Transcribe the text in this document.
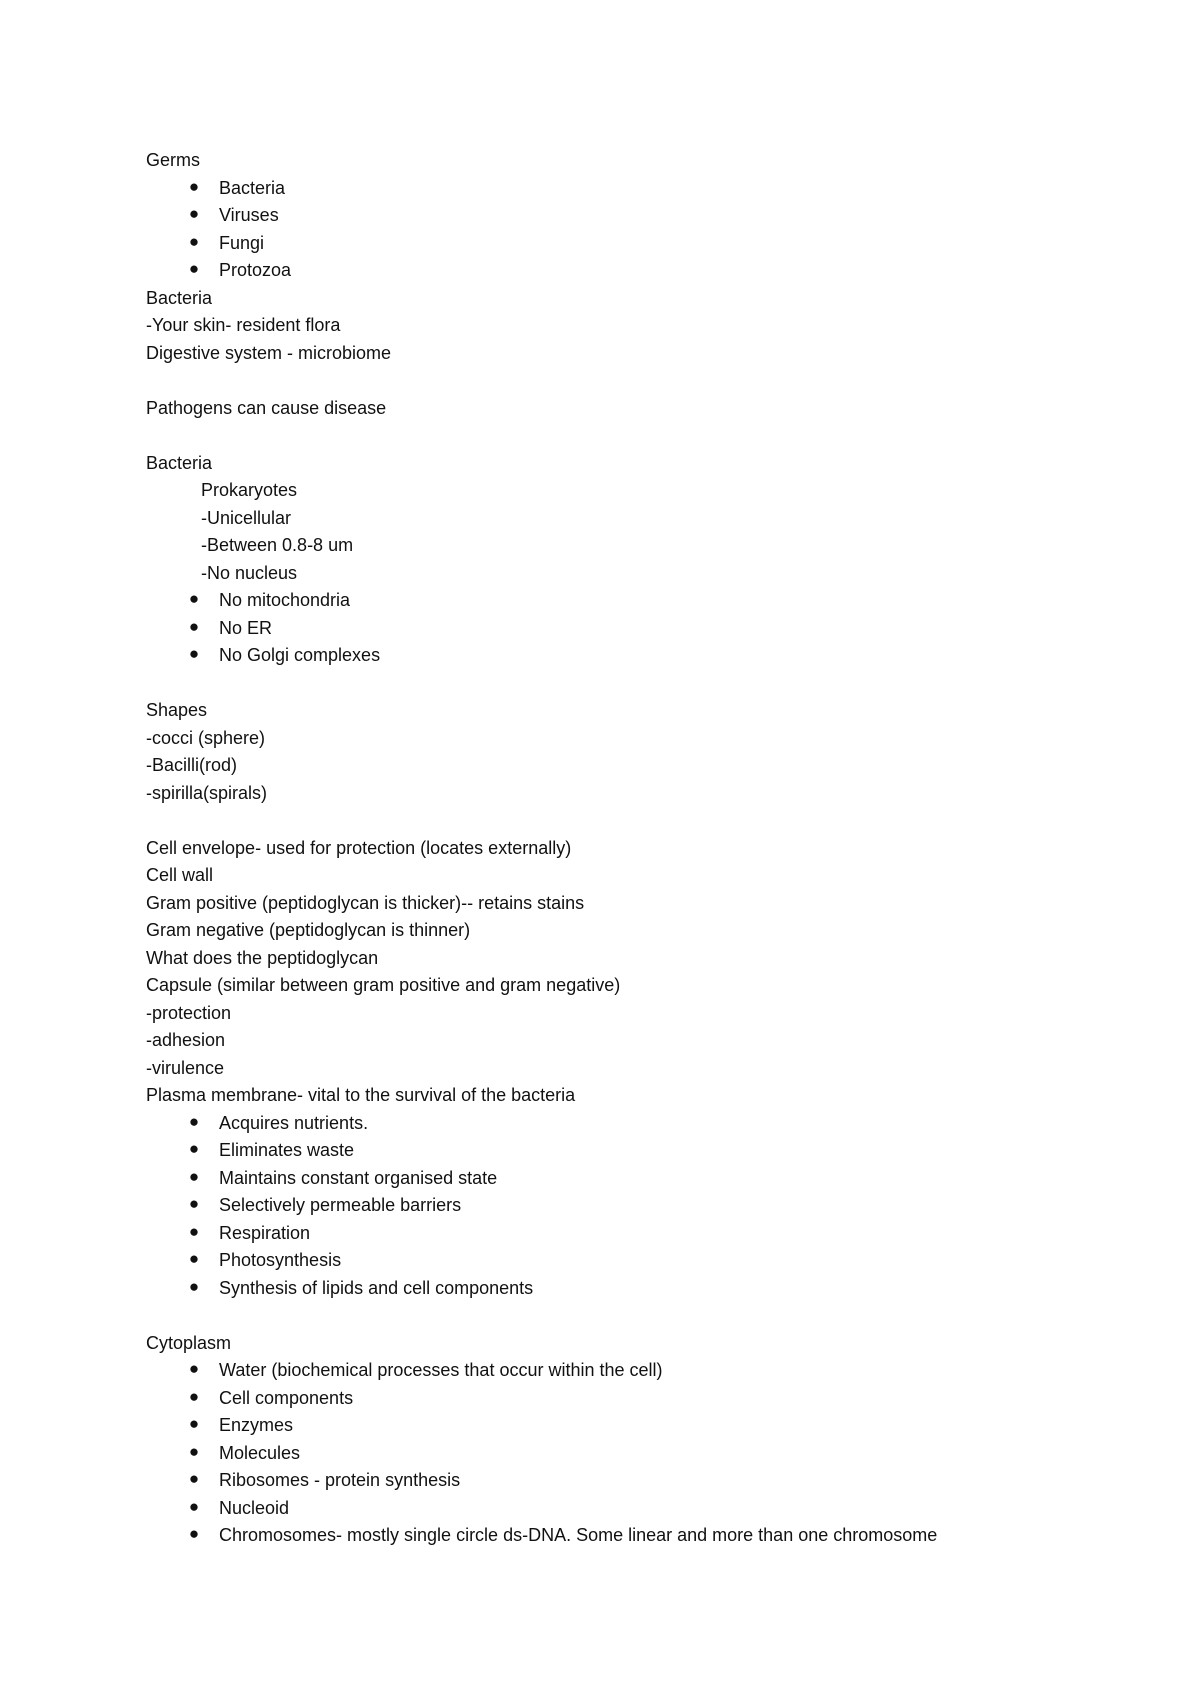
Germs
● Bacteria
● Viruses
● Fungi
● Protozoa
Bacteria
-Your skin- resident flora
Digestive system - microbiome
Pathogens can cause disease
Bacteria
Prokaryotes
-Unicellular
-Between 0.8-8 um
-No nucleus
● No mitochondria
● No ER
● No Golgi complexes
Shapes
-cocci (sphere)
-Bacilli(rod)
-spirilla(spirals)
Cell envelope- used for protection (locates externally)
Cell wall
Gram positive (peptidoglycan is thicker)-- retains stains
Gram negative (peptidoglycan is thinner)
What does the peptidoglycan
Capsule (similar between gram positive and gram negative)
-protection
-adhesion
-virulence
Plasma membrane- vital to the survival of the bacteria
● Acquires nutrients.
● Eliminates waste
● Maintains constant organised state
● Selectively permeable barriers
● Respiration
● Photosynthesis
● Synthesis of lipids and cell components
Cytoplasm
● Water (biochemical processes that occur within the cell)
● Cell components
● Enzymes
● Molecules
● Ribosomes - protein synthesis
● Nucleoid
● Chromosomes- mostly single circle ds-DNA. Some linear and more than one chromosome
